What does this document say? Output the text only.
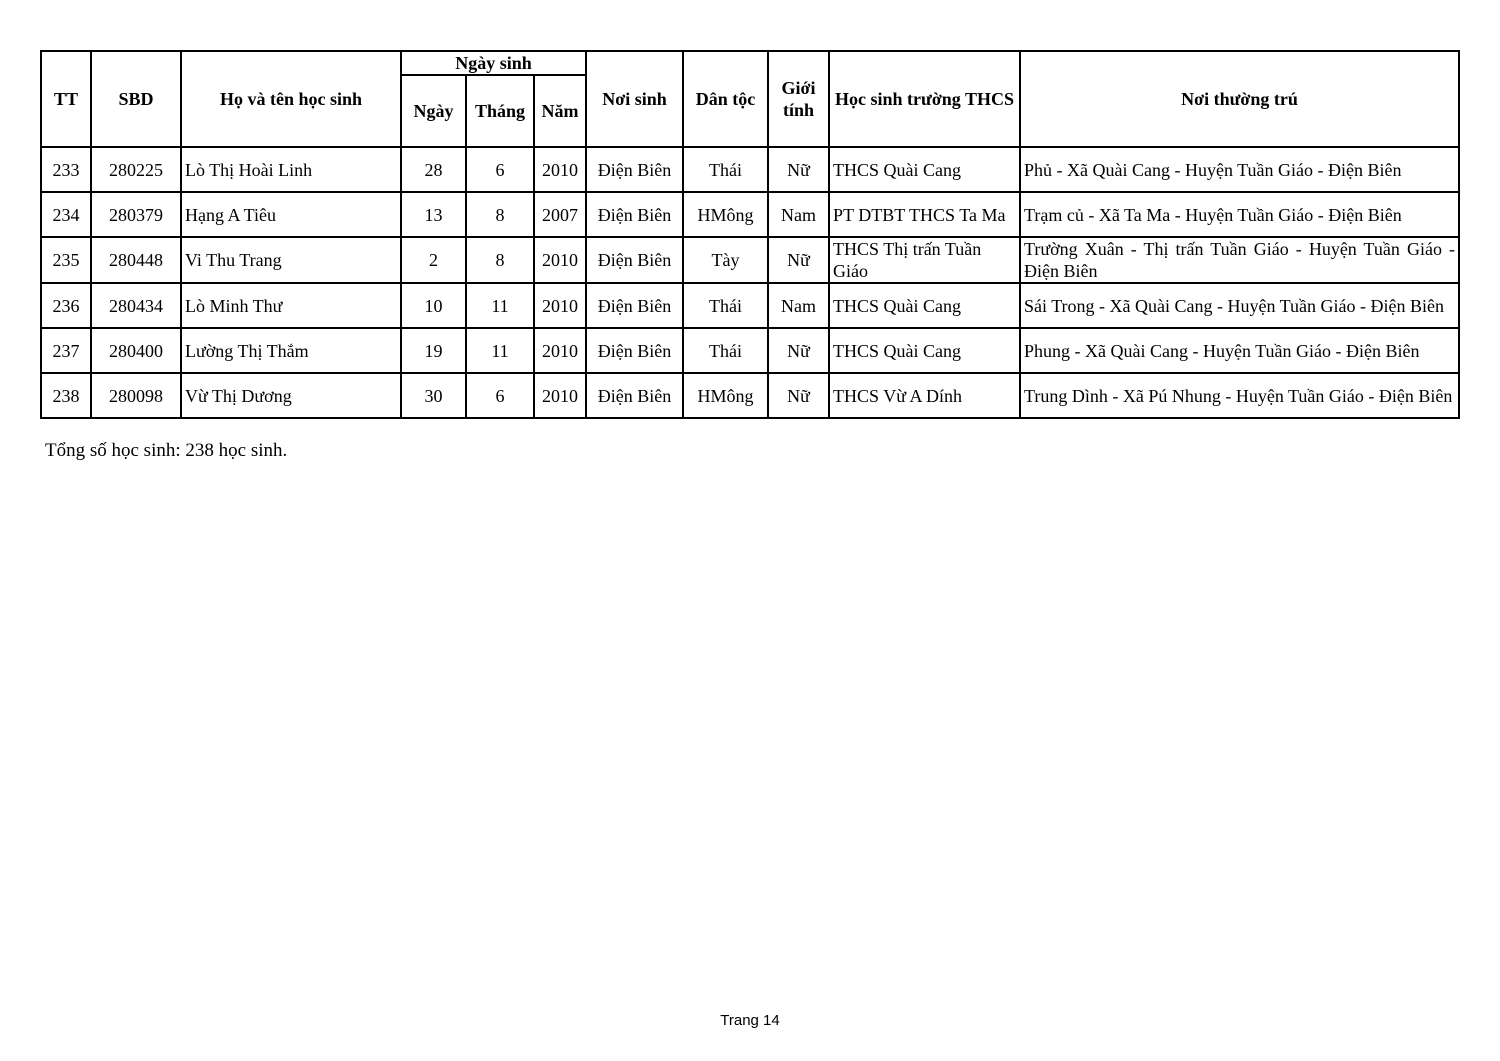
TT	SBD	Họ và tên học sinh	Ngày sinh			Nơi sinh	Dân tộc	Giới tính	Học sinh trường THCS	Nơi thường trú
			Ngày	Tháng	Năm					
233	280225	Lò Thị Hoài Linh	28	6	2010	Điện Biên	Thái	Nữ	THCS Quài Cang	Phủ - Xã Quài Cang - Huyện Tuần Giáo - Điện Biên
234	280379	Hạng A Tiêu	13	8	2007	Điện Biên	HMông	Nam	PT DTBT THCS Ta Ma	Trạm củ - Xã Ta Ma - Huyện Tuần Giáo - Điện Biên
235	280448	Vi Thu Trang	2	8	2010	Điện Biên	Tày	Nữ	THCS Thị trấn Tuần Giáo	Trường Xuân - Thị trấn Tuần Giáo - Huyện Tuần Giáo - Điện Biên
236	280434	Lò Minh Thư	10	11	2010	Điện Biên	Thái	Nam	THCS Quài Cang	Sái Trong - Xã Quài Cang - Huyện Tuần Giáo - Điện Biên
237	280400	Lường Thị Thắm	19	11	2010	Điện Biên	Thái	Nữ	THCS Quài Cang	Phung - Xã Quài Cang - Huyện Tuần Giáo - Điện Biên
238	280098	Vừ Thị Dương	30	6	2010	Điện Biên	HMông	Nữ	THCS Vừ A Dính	Trung Dình - Xã Pú Nhung - Huyện Tuần Giáo - Điện Biên
Tổng số học sinh: 238 học sinh.
Trang 14
